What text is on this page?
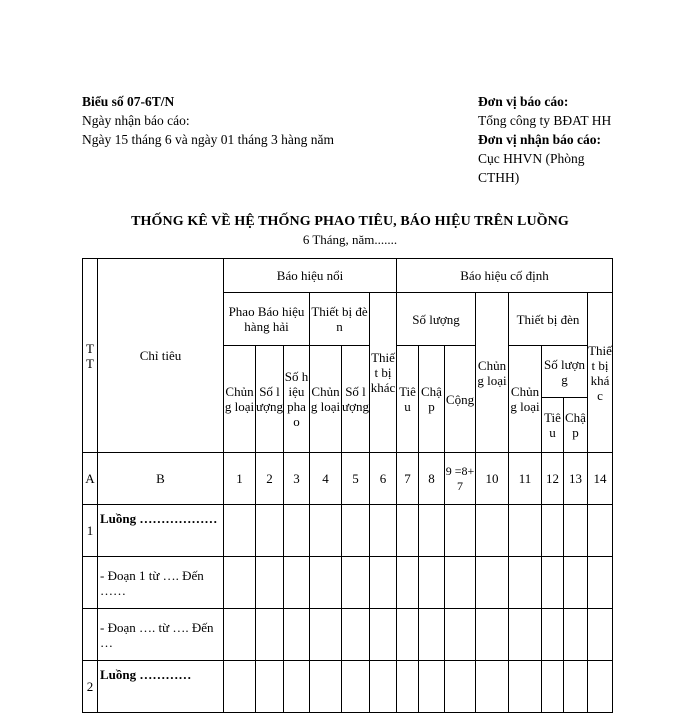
Biểu số 07-6T/N
Ngày nhận báo cáo:
Ngày 15 tháng 6 và ngày 01 tháng 3 hàng năm
Đơn vị báo cáo:
Tổng công ty BĐAT HH
Đơn vị nhận báo cáo:
Cục HHVN (Phòng CTHH)
THỐNG KÊ VỀ HỆ THỐNG PHAO TIÊU, BÁO HIỆU TRÊN LUỒNG
6 Tháng, năm.......
TT	Chỉ tiêu	Báo hiệu nổi						Báo hiệu cố định							
		Phao Báo hiệu hàng hải			Thiết bị đèn		Thiết bị khác	Số lượng			Chủng loại	Thiết bị đèn			Thiết bị khác
		Chủng loại	Số lượng	Số hiệu phao	Chủng loại	Số lượng		Tiêu	Chập	Cộng		Chủng loại	Số lượng		
													Tiêu	Chập	
A	B	1	2	3	4	5	6	7	8	9 =8+7	10	11	12	13	14
1	Luồng ………………														
	- Đoạn 1 từ …. Đến ……														
	- Đoạn …. từ …. Đến …														
2	Luồng …………														
